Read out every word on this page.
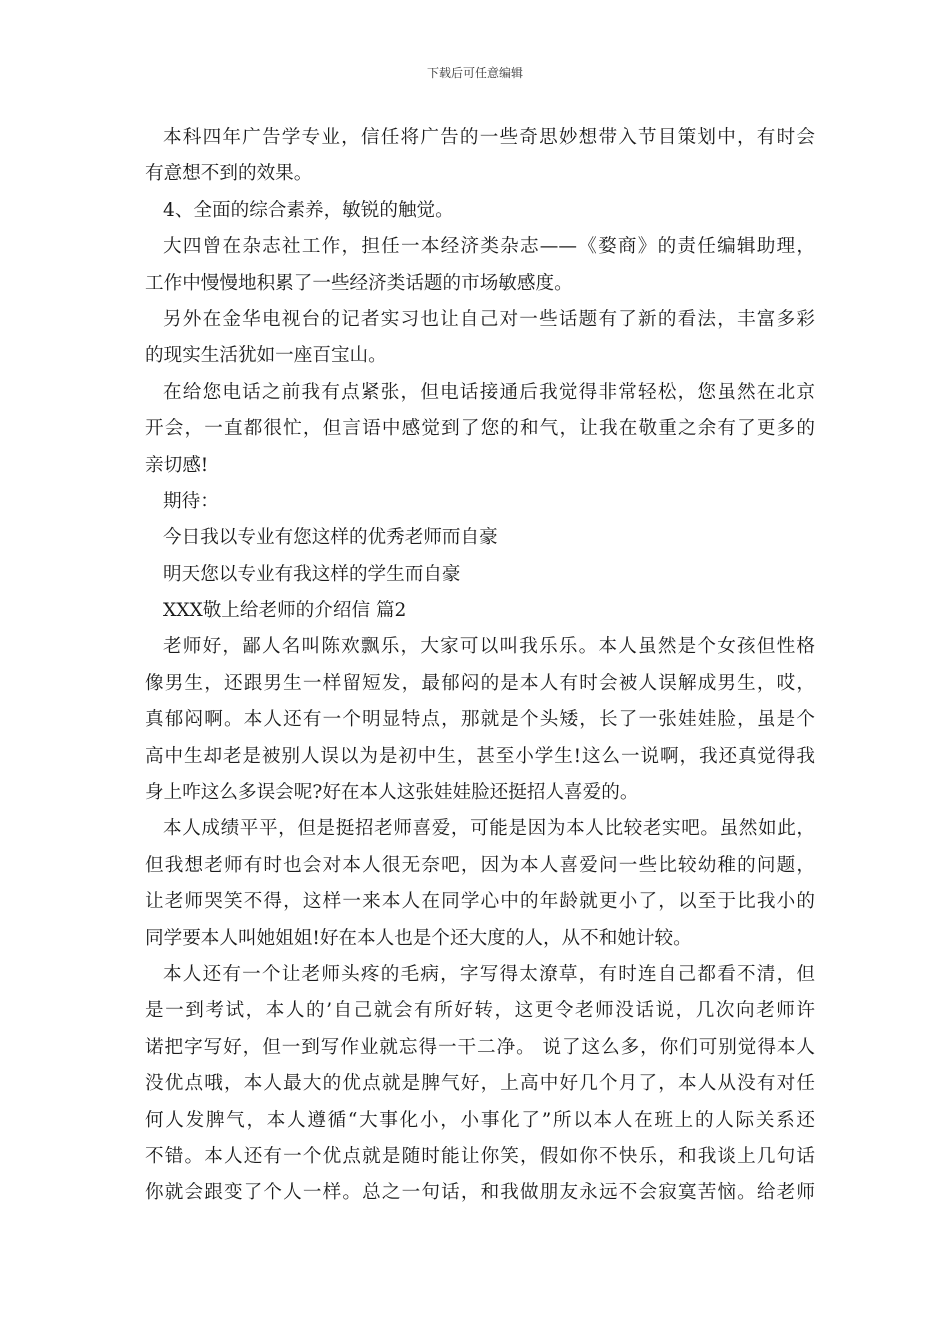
下载后可任意编辑
本科四年广告学专业，信任将广告的一些奇思妙想带入节目策划中，有时会
有意想不到的效果。
4、全面的综合素养，敏锐的触觉。
大四曾在杂志社工作，担任一本经济类杂志——《婺商》的责任编辑助理，
工作中慢慢地积累了一些经济类话题的市场敏感度。
另外在金华电视台的记者实习也让自己对一些话题有了新的看法，丰富多彩
的现实生活犹如一座百宝山。
在给您电话之前我有点紧张，但电话接通后我觉得非常轻松，您虽然在北京
开会，一直都很忙，但言语中感觉到了您的和气，让我在敬重之余有了更多的
亲切感!
期待：
今日我以专业有您这样的优秀老师而自豪
明天您以专业有我这样的学生而自豪
XXX敬上给老师的介绍信 篇2
老师好，鄙人名叫陈欢飘乐，大家可以叫我乐乐。本人虽然是个女孩但性格
像男生，还跟男生一样留短发，最郁闷的是本人有时会被人误解成男生，哎，
真郁闷啊。本人还有一个明显特点，那就是个头矮，长了一张娃娃脸，虽是个
高中生却老是被别人误以为是初中生，甚至小学生!这么一说啊，我还真觉得我
身上咋这么多误会呢?好在本人这张娃娃脸还挺招人喜爱的。
本人成绩平平，但是挺招老师喜爱，可能是因为本人比较老实吧。虽然如此，
但我想老师有时也会对本人很无奈吧，因为本人喜爱问一些比较幼稚的问题，
让老师哭笑不得，这样一来本人在同学心中的年龄就更小了，以至于比我小的
同学要本人叫她姐姐!好在本人也是个还大度的人，从不和她计较。
本人还有一个让老师头疼的毛病，字写得太潦草，有时连自己都看不清，但
是一到考试，本人的’自己就会有所好转，这更令老师没话说，几次向老师许
诺把字写好，但一到写作业就忘得一干二净。 说了这么多，你们可别觉得本人
没优点哦，本人最大的优点就是脾气好，上高中好几个月了，本人从没有对任
何人发脾气，本人遵循“大事化小，小事化了”所以本人在班上的人际关系还
不错。本人还有一个优点就是随时能让你笑，假如你不快乐，和我谈上几句话
你就会跟变了个人一样。总之一句话，和我做朋友永远不会寂寞苦恼。给老师
